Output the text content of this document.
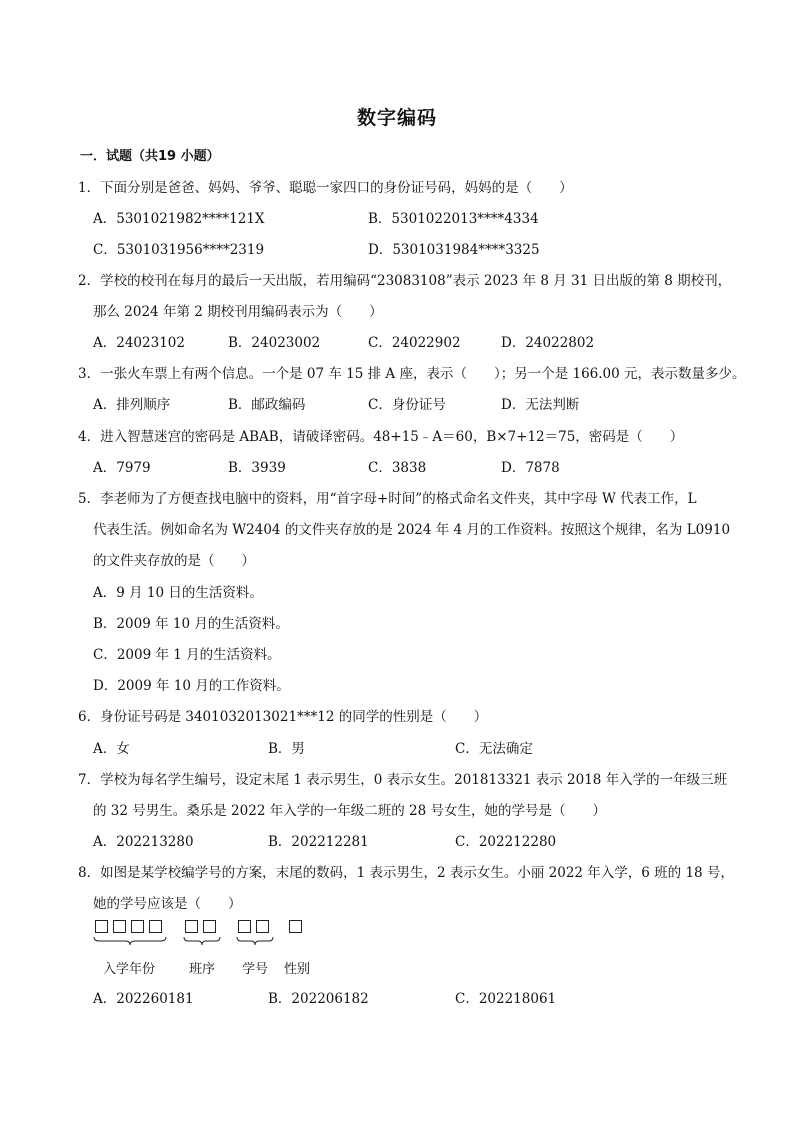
数字编码
一．试题（共19 小题）
1．下面分别是爸爸、妈妈、爷爷、聪聪一家四口的身份证号码，妈妈的是（　　）
A．5301021982****121X	B．5301022013****4334
C．5301031956****2319	D．5301031984****3325
2．学校的校刊在每月的最后一天出版，若用编码“23083108”表示 2023 年 8 月 31 日出版的第 8 期校刊，
那么 2024 年第 2 期校刊用编码表示为（　　）
A．24023102	B．24023002	C．24022902	D．24022802
3．一张火车票上有两个信息。一个是 07 车 15 排 A 座，表示（　　）；另一个是 166.00 元，表示数量多少。
A．排列顺序	B．邮政编码	C．身份证号	D．无法判断
4．进入智慧迷宫的密码是 ABAB，请破译密码。48+15﹣A＝60，B×7+12＝75，密码是（　　）
A．7979	B．3939	C．3838	D．7878
5．李老师为了方便查找电脑中的资料，用“首字母+时间”的格式命名文件夹，其中字母 W 代表工作，L
代表生活。例如命名为 W2404 的文件夹存放的是 2024 年 4 月的工作资料。按照这个规律，名为 L0910
的文件夹存放的是（　　）
A．9 月 10 日的生活资料。
B．2009 年 10 月的生活资料。
C．2009 年 1 月的生活资料。
D．2009 年 10 月的工作资料。
6．身份证号码是 3401032013021***12 的同学的性别是（　　）
A．女	B．男	C．无法确定
7．学校为每名学生编号，设定末尾 1 表示男生，0 表示女生。201813321 表示 2018 年入学的一年级三班
的 32 号男生。桑乐是 2022 年入学的一年级二班的 28 号女生，她的学号是（　　）
A．202213280	B．202212281	C．202212280
8．如图是某学校编学号的方案，末尾的数码，1 表示男生，2 表示女生。小丽 2022 年入学，6 班的 18 号，
她的学号应该是（　　）
入学年份	班序 学号 性别
A．202260181	B．202206182	C．202218061
